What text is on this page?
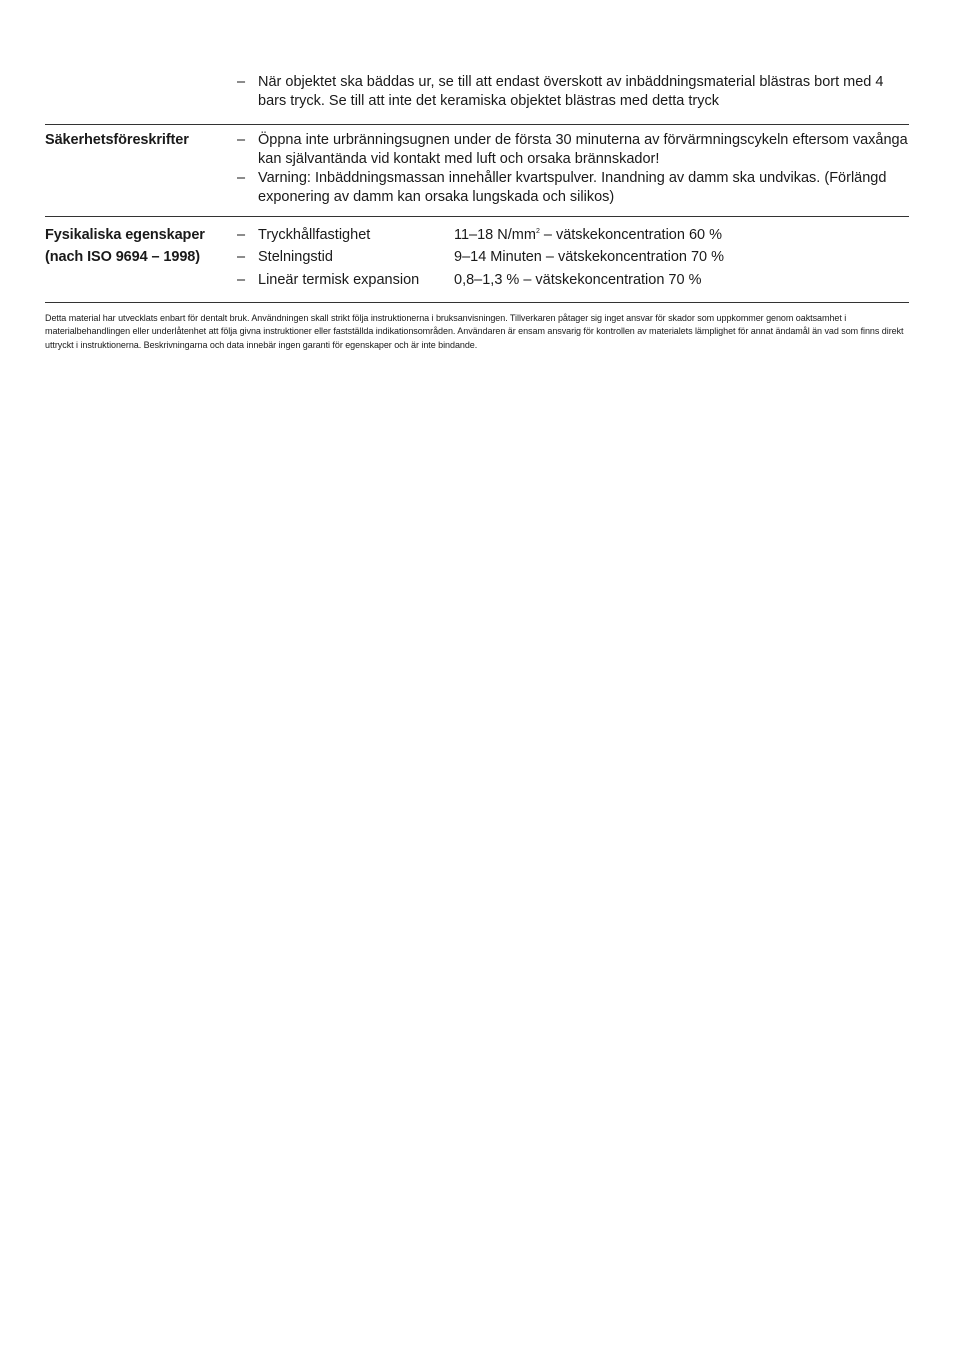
– När objektet ska bäddas ur, se till att endast överskott av inbäddningsmaterial blästras bort med 4 bars tryck. Se till att inte det keramiska objektet blästras med detta tryck
Säkerhetsföreskrifter	– Öppna inte urbränningsugnen under de första 30 minuterna av förvärmningscykeln eftersom vaxånga kan självantända vid kontakt med luft och orsaka brännskador!
– Varning: Inbäddningsmassan innehåller kvartspulver. Inandning av damm ska undvikas. (Förlängd exponering av damm kan orsaka lungskada och silikos)
Fysikaliska egenskaper
(nach ISO 9694 – 1998)
– Tryckhållfastighet	11–18 $N/mm^2$ – vätskekoncentration 60 %
– Stelningstid	9–14 Minuten – vätskekoncentration 70 %
– Lineär termisk expansion 0,8–1,3 % – vätskekoncentration 70 %
Detta material har utvecklats enbart för dentalt bruk. Användningen skall strikt följa instruktionerna i bruksanvisningen. Tillverkaren påtager sig inget ansvar för skador som uppkommer genom oaktsamhet i materialbehandlingen eller underlåtenhet att följa givna instruktioner eller fastställda indikationsområden. Användaren är ensam ansvarig för kontrollen av materialets lämplighet för annat ändamål än vad som finns direkt uttryckt i instruktionerna. Beskrivningarna och data innebär ingen garanti för egenskaper och är inte bindande.
